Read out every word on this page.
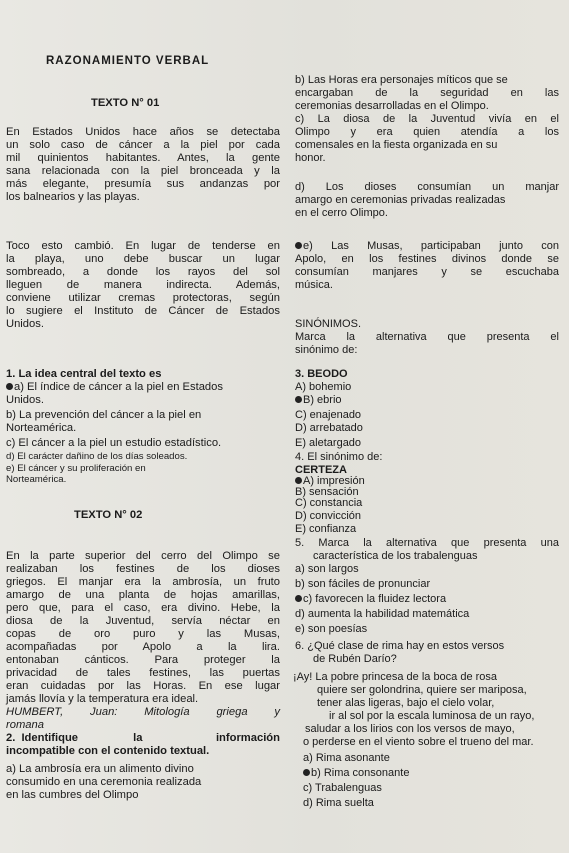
RAZONAMIENTO VERBAL
TEXTO N° 01
En Estados Unidos hace años se detectaba
un solo caso de cáncer a la piel por cada
mil quinientos habitantes. Antes, la gente
sana relacionada con la piel bronceada y la
más elegante, presumía sus andanzas por
los balnearios y las playas.
Toco esto cambió. En lugar de tenderse en
la playa, uno debe buscar un lugar
sombreado, a donde los rayos del sol
lleguen de manera indirecta. Además,
conviene utilizar cremas protectoras, según
lo sugiere el Instituto de Cáncer de Estados
Unidos.
1. La idea central del texto es
a) El índice de cáncer a la piel en Estados
Unidos.
b) La prevención del cáncer a la piel en
Norteamérica.
c) El cáncer a la piel un estudio estadístico.
d) El carácter dañino de los días soleados.
e) El cáncer y su proliferación en
Norteamérica.
TEXTO N° 02
En la parte superior del cerro del Olimpo se
realizaban los festines de los dioses
griegos. El manjar era la ambrosía, un fruto
amargo de una planta de hojas amarillas,
pero que, para el caso, era divino. Hebe, la
diosa de la Juventud, servía néctar en
copas de oro puro y las Musas,
acompañadas por Apolo a la lira.
entonaban cánticos. Para proteger la
privacidad de tales festines, las puertas
eran cuidadas por las Horas. En ese lugar
jamás llovía y la temperatura era ideal.
HUMBERT, Juan: Mitología griega y
romana
2. Identifique	la	información
incompatible con el contenido textual.
a) La ambrosía era un alimento divino
consumido en una ceremonia realizada
en las cumbres del Olimpo
b) Las Horas era personajes míticos que se
encargaban de la seguridad en las
ceremonias desarrolladas en el Olimpo.
c) La diosa de la Juventud vivía en el
Olimpo y era quien atendía a los
comensales en la fiesta organizada en su
honor.
d) Los dioses consumían un manjar
amargo en ceremonias privadas realizadas
en el cerro Olimpo.
e) Las Musas, participaban junto con
Apolo, en los festines divinos donde se
consumían manjares y se escuchaba
música.
SINÓNIMOS.
Marca la alternativa que presenta el
sinónimo de:
3. BEODO
A) bohemio
B) ebrio
C) enajenado
D) arrebatado
E) aletargado
4. El sinónimo de:
CERTEZA
A) impresión
B) sensación
C) constancia
D) convicción
E) confianza
5. Marca la alternativa que presenta una
característica de los trabalenguas
a) son largos
b) son fáciles de pronunciar
c) favorecen la fluidez lectora
d) aumenta la habilidad matemática
e) son poesías
6. ¿Qué clase de rima hay en estos versos
de Rubén Darío?
¡Ay! La pobre princesa de la boca de rosa
quiere ser golondrina, quiere ser mariposa,
tener alas ligeras, bajo el cielo volar,
ir al sol por la escala luminosa de un rayo,
saludar a los lirios con los versos de mayo,
o perderse en el viento sobre el trueno del mar.
a) Rima asonante
b) Rima consonante
c) Trabalenguas
d) Rima suelta
